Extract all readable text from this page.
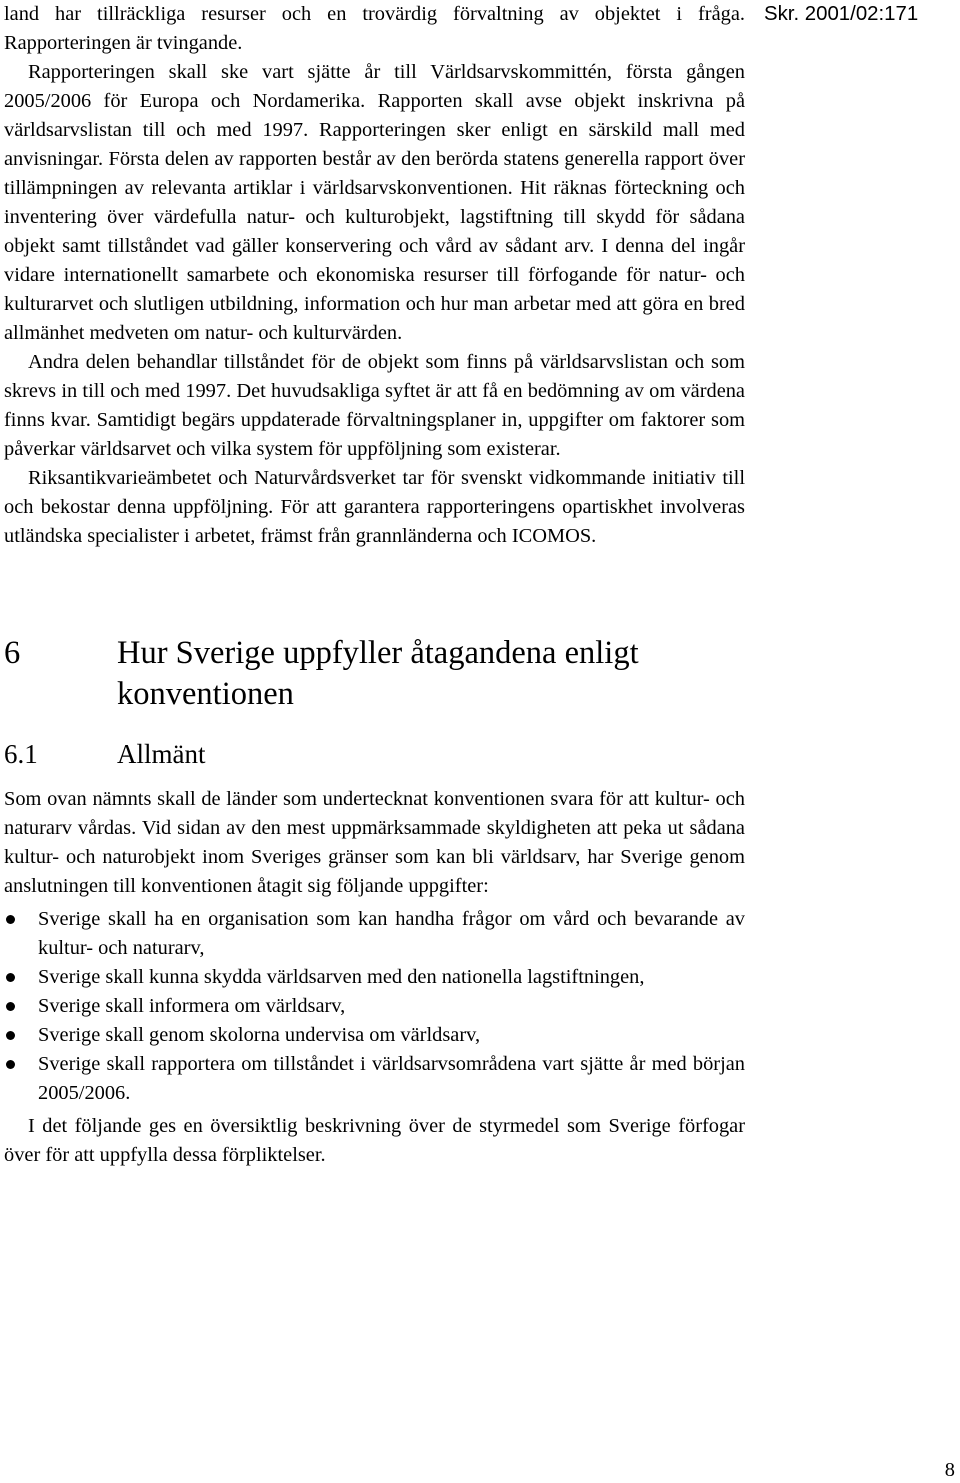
Skr. 2001/02:171

land har tillräckliga resurser och en trovärdig förvaltning av objektet i fråga. Rapporteringen är tvingande.

Rapporteringen skall ske vart sjätte år till Världsarvskommittén, första gången 2005/2006 för Europa och Nordamerika. Rapporten skall avse objekt inskrivna på världsarvslistan till och med 1997. Rapporteringen sker enligt en särskild mall med anvisningar. Första delen av rapporten består av den berörda statens generella rapport över tillämpningen av relevanta artiklar i världsarvskonventionen. Hit räknas förteckning och inventering över värdefulla natur- och kulturobjekt, lagstiftning till skydd för sådana objekt samt tillståndet vad gäller konservering och vård av sådant arv. I denna del ingår vidare internationellt samarbete och ekonomiska resurser till förfogande för natur- och kulturarvet och slutligen utbildning, information och hur man arbetar med att göra en bred allmänhet medveten om natur- och kulturvärden.

Andra delen behandlar tillståndet för de objekt som finns på världsarvslistan och som skrevs in till och med 1997. Det huvudsakliga syftet är att få en bedömning av om värdena finns kvar. Samtidigt begärs uppdaterade förvaltningsplaner in, uppgifter om faktorer som påverkar världsarvet och vilka system för uppföljning som existerar.

Riksantikvarieämbetet och Naturvårdsverket tar för svenskt vidkommande initiativ till och bekostar denna uppföljning. För att garantera rapporteringens opartiskhet involveras utländska specialister i arbetet, främst från grannländerna och ICOMOS.

6	Hur Sverige uppfyller åtagandena enligt konventionen
6.1	Allmänt

Som ovan nämnts skall de länder som undertecknat konventionen svara för att kultur- och naturarv vårdas. Vid sidan av den mest uppmärksammade skyldigheten att peka ut sådana kultur- och naturobjekt inom Sveriges gränser som kan bli världsarv, har Sverige genom anslutningen till konventionen åtagit sig följande uppgifter:

Sverige skall ha en organisation som kan handha frågor om vård och bevarande av kultur- och naturarv,
Sverige skall kunna skydda världsarven med den nationella lagstiftningen,
Sverige skall informera om världsarv,
Sverige skall genom skolorna undervisa om världsarv,
Sverige skall rapportera om tillståndet i världsarvsområdena vart sjätte år med början 2005/2006.

I det följande ges en översiktlig beskrivning över de styrmedel som Sverige förfogar över för att uppfylla dessa förpliktelser.

8
